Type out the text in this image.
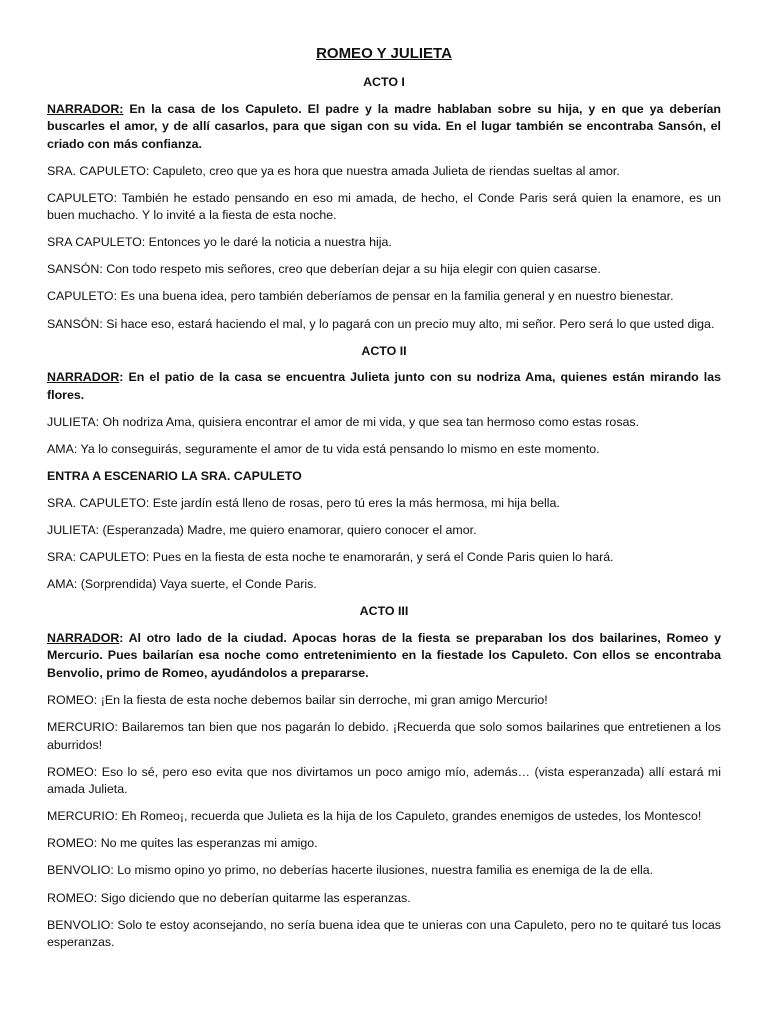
ROMEO Y JULIETA
ACTO I

NARRADOR: En la casa de los Capuleto. El padre y la madre hablaban sobre su hija, y en que ya deberían buscarles el amor, y de allí casarlos, para que sigan con su vida. En el lugar también se encontraba Sansón, el criado con más confianza.

SRA. CAPULETO: Capuleto, creo que ya es hora que nuestra amada Julieta de riendas sueltas al amor.

CAPULETO: También he estado pensando en eso mi amada, de hecho, el Conde Paris será quien la enamore, es un buen muchacho. Y lo invité a la fiesta de esta noche.

SRA CAPULETO: Entonces yo le daré la noticia a nuestra hija.

SANSÓN: Con todo respeto mis señores, creo que deberían dejar a su hija elegir con quien casarse.

CAPULETO: Es una buena idea, pero también deberíamos de pensar en la familia general y en nuestro bienestar.

SANSÓN: Si hace eso, estará haciendo el mal, y lo pagará con un precio muy alto, mi señor. Pero será lo que usted diga.

ACTO II

NARRADOR: En el patio de la casa se encuentra Julieta junto con su nodriza Ama, quienes están mirando las flores.

JULIETA: Oh nodriza Ama, quisiera encontrar el amor de mi vida, y que sea tan hermoso como estas rosas.

AMA: Ya lo conseguirás, seguramente el amor de tu vida está pensando lo mismo en este momento.

ENTRA A ESCENARIO LA SRA. CAPULETO

SRA. CAPULETO: Este jardín está lleno de rosas, pero tú eres la más hermosa, mi hija bella.

JULIETA: (Esperanzada) Madre, me quiero enamorar, quiero conocer el amor.

SRA: CAPULETO: Pues en la fiesta de esta noche te enamorarán, y será el Conde Paris quien lo hará.

AMA: (Sorprendida) Vaya suerte, el Conde Paris.

ACTO III

NARRADOR: Al otro lado de la ciudad. Apocas horas de la fiesta se preparaban los dos bailarines, Romeo y Mercurio. Pues bailarían esa noche como entretenimiento en la fiestade los Capuleto. Con ellos se encontraba Benvolio, primo de Romeo, ayudándolos a prepararse.

ROMEO: ¡En la fiesta de esta noche debemos bailar sin derroche, mi gran amigo Mercurio!

MERCURIO: Bailaremos tan bien que nos pagarán lo debido. ¡Recuerda que solo somos bailarines que entretienen a los aburridos!

ROMEO: Eso lo sé, pero eso evita que nos divirtamos un poco amigo mío, además… (vista esperanzada) allí estará mi amada Julieta.

MERCURIO: Eh Romeo¡, recuerda que Julieta es la hija de los Capuleto, grandes enemigos de ustedes, los Montesco!

ROMEO: No me quites las esperanzas mi amigo.

BENVOLIO: Lo mismo opino yo primo, no deberías hacerte ilusiones, nuestra familia es enemiga de la de ella.

ROMEO: Sigo diciendo que no deberían quitarme las esperanzas.

BENVOLIO: Solo te estoy aconsejando, no sería buena idea que te unieras con una Capuleto, pero no te quitaré tus locas esperanzas.
